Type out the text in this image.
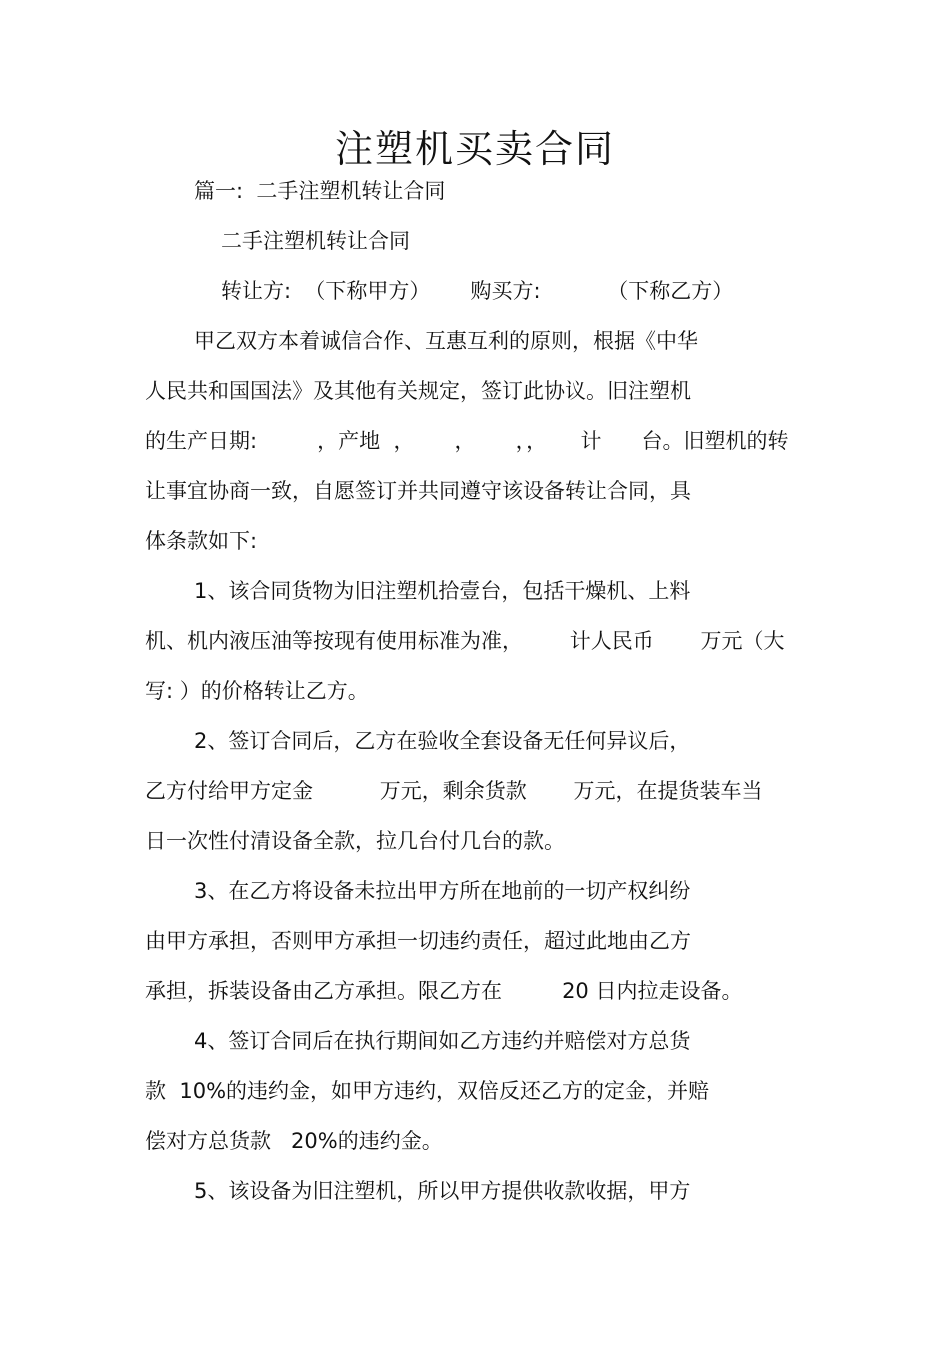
注塑机买卖合同
篇一:  二手注塑机转让合同
二手注塑机转让合同
转让方:  （下称甲方）      购买方:          （下称乙方）
甲乙双方本着诚信合作、互惠互利的原则，根据《中华
人民共和国国法》及其他有关规定，签订此协议。旧注塑机
的生产日期:         ，产地  ，      ，      ，，     计      台。旧塑机的转
让事宜协商一致，自愿签订并共同遵守该设备转让合同，具
体条款如下:
1、该合同货物为旧注塑机拾壹台，包括干燥机、上料
机、机内液压油等按现有使用标准为准，       计人民币       万元（大
写: ）的价格转让乙方。
2、签订合同后，乙方在验收全套设备无任何异议后，
乙方付给甲方定金          万元，剩余货款       万元，在提货装车当
日一次性付清设备全款，拉几台付几台的款。
3、在乙方将设备未拉出甲方所在地前的一切产权纠纷
由甲方承担，否则甲方承担一切违约责任，超过此地由乙方
承担，拆装设备由乙方承担。限乙方在         20 日内拉走设备。
4、签订合同后在执行期间如乙方违约并赔偿对方总货
款  10%的违约金，如甲方违约，双倍反还乙方的定金，并赔
偿对方总货款   20%的违约金。
5、该设备为旧注塑机，所以甲方提供收款收据，甲方
